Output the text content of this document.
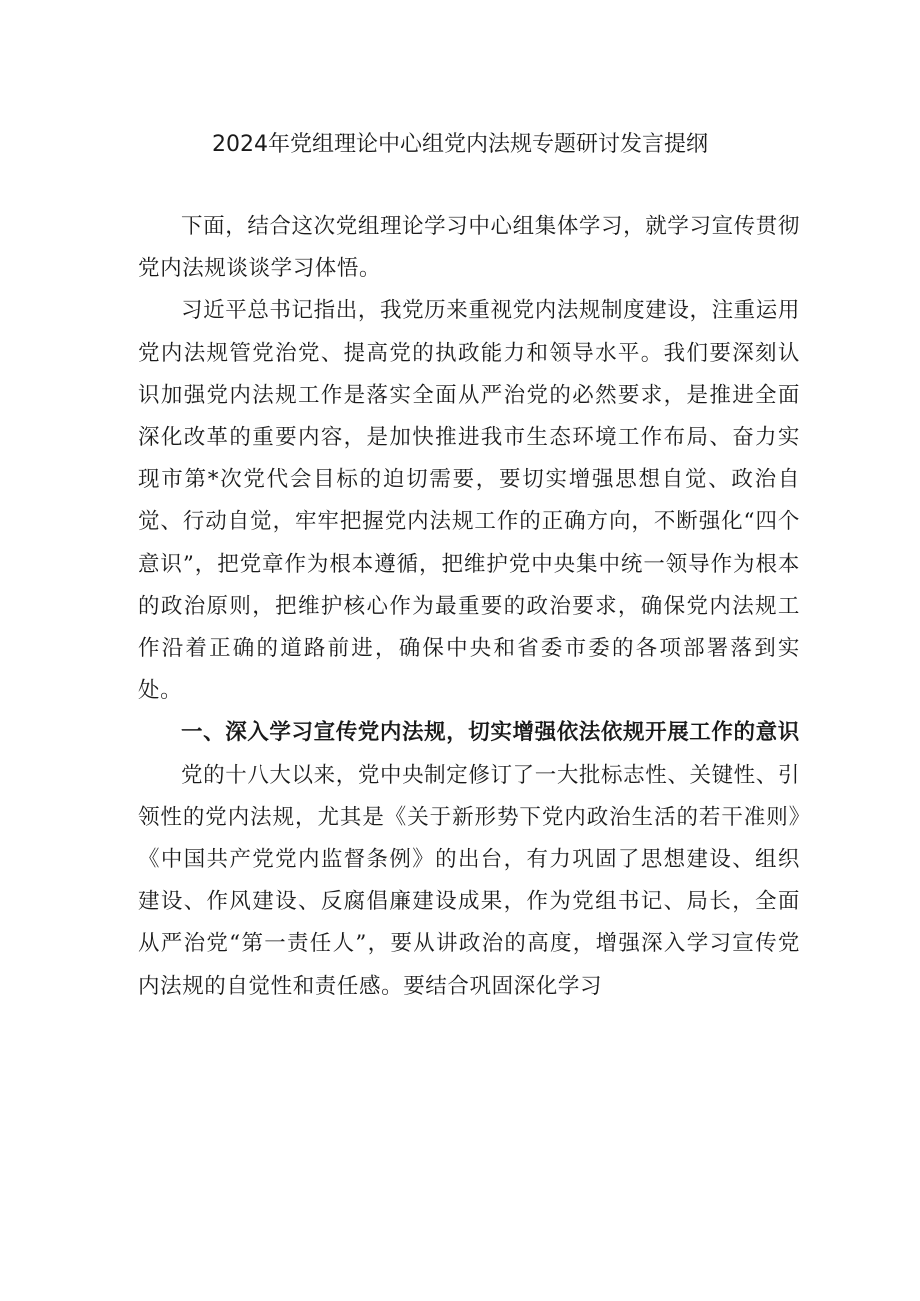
2024年党组理论中心组党内法规专题研讨发言提纲

下面，结合这次党组理论学习中心组集体学习，就学习宣传贯彻党内法规谈谈学习体悟。

习近平总书记指出，我党历来重视党内法规制度建设，注重运用党内法规管党治党、提高党的执政能力和领导水平。我们要深刻认识加强党内法规工作是落实全面从严治党的必然要求，是推进全面深化改革的重要内容，是加快推进我市生态环境工作布局、奋力实现市第*次党代会目标的迫切需要，要切实增强思想自觉、政治自觉、行动自觉，牢牢把握党内法规工作的正确方向，不断强化“四个意识”，把党章作为根本遵循，把维护党中央集中统一领导作为根本的政治原则，把维护核心作为最重要的政治要求，确保党内法规工作沿着正确的道路前进，确保中央和省委市委的各项部署落到实处。

一、深入学习宣传党内法规，切实增强依法依规开展工作的意识

党的十八大以来，党中央制定修订了一大批标志性、关键性、引领性的党内法规，尤其是《关于新形势下党内政治生活的若干准则》《中国共产党党内监督条例》的出台，有力巩固了思想建设、组织建设、作风建设、反腐倡廉建设成果，作为党组书记、局长，全面从严治党“第一责任人”，要从讲政治的高度，增强深入学习宣传党内法规的自觉性和责任感。要结合巩固深化学习
